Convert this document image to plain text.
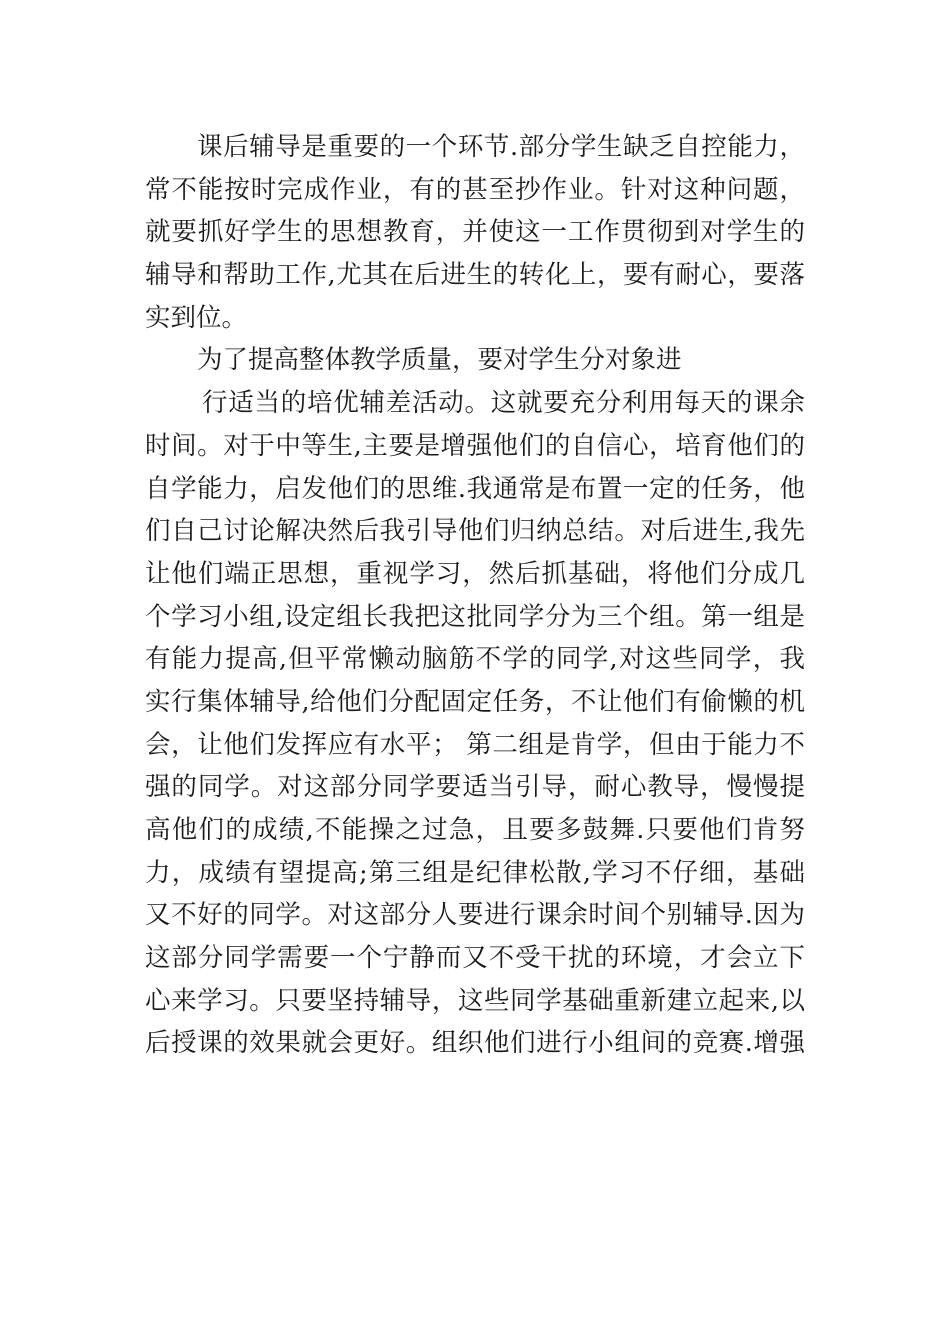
课后辅导是重要的一个环节.部分学生缺乏自控能力，
常不能按时完成作业，有的甚至抄作业。针对这种问题，
就要抓好学生的思想教育，并使这一工作贯彻到对学生的
辅导和帮助工作,尤其在后进生的转化上，要有耐心，要落
实到位。
为了提高整体教学质量，要对学生分对象进
行适当的培优辅差活动。这就要充分利用每天的课余
时间。对于中等生,主要是增强他们的自信心，培育他们的
自学能力，启发他们的思维.我通常是布置一定的任务，他
们自己讨论解决然后我引导他们归纳总结。对后进生,我先
让他们端正思想，重视学习，然后抓基础，将他们分成几
个学习小组,设定组长我把这批同学分为三个组。第一组是
有能力提高,但平常懒动脑筋不学的同学,对这些同学，我
实行集体辅导,给他们分配固定任务，不让他们有偷懒的机
会，让他们发挥应有水平； 第二组是肯学，但由于能力不
强的同学。对这部分同学要适当引导，耐心教导，慢慢提
高他们的成绩,不能操之过急，且要多鼓舞.只要他们肯努
力，成绩有望提高;第三组是纪律松散,学习不仔细，基础
又不好的同学。对这部分人要进行课余时间个别辅导.因为
这部分同学需要一个宁静而又不受干扰的环境，才会立下
心来学习。只要坚持辅导，这些同学基础重新建立起来,以
后授课的效果就会更好。组织他们进行小组间的竞赛.增强
